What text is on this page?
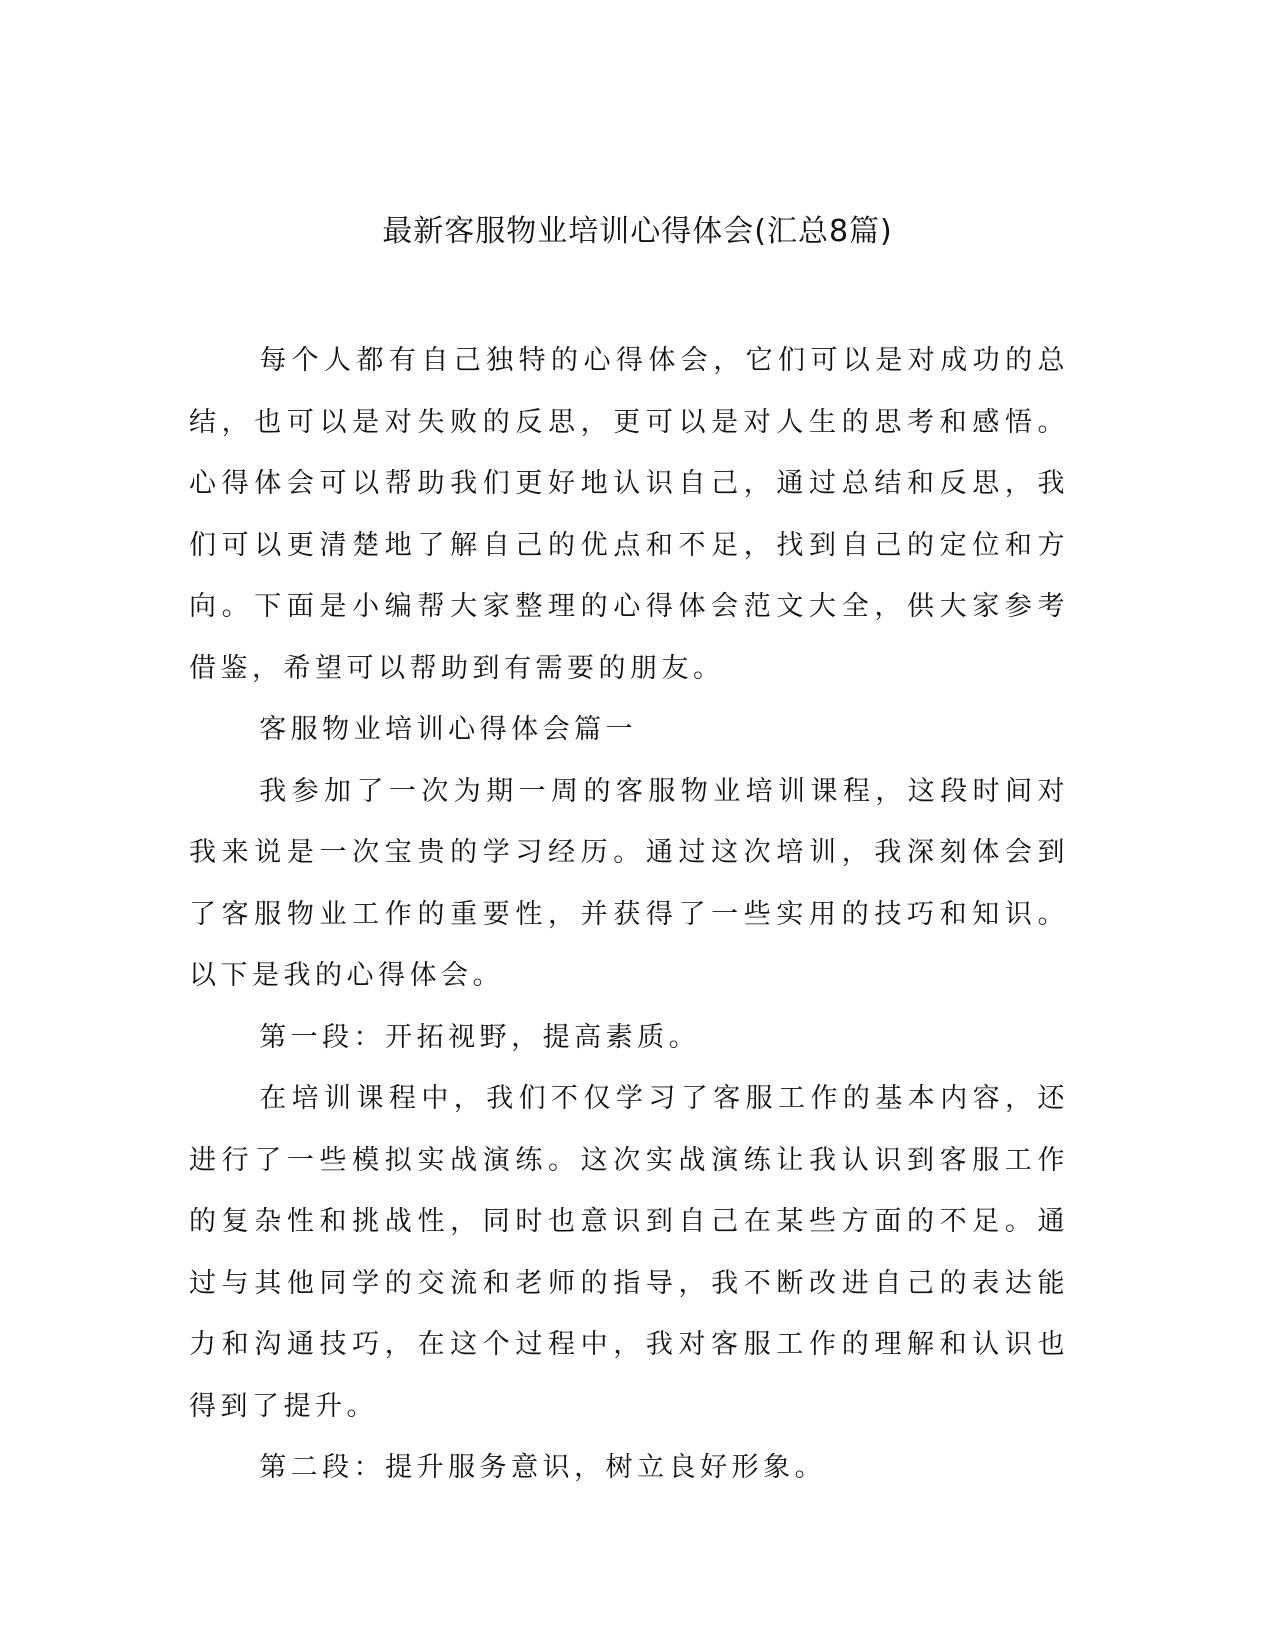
最新客服物业培训心得体会(汇总8篇)

每个人都有自己独特的心得体会，它们可以是对成功的总结，也可以是对失败的反思，更可以是对人生的思考和感悟。心得体会可以帮助我们更好地认识自己，通过总结和反思，我们可以更清楚地了解自己的优点和不足，找到自己的定位和方向。下面是小编帮大家整理的心得体会范文大全，供大家参考借鉴，希望可以帮助到有需要的朋友。

客服物业培训心得体会篇一

我参加了一次为期一周的客服物业培训课程，这段时间对我来说是一次宝贵的学习经历。通过这次培训，我深刻体会到了客服物业工作的重要性，并获得了一些实用的技巧和知识。以下是我的心得体会。

第一段：开拓视野，提高素质。

在培训课程中，我们不仅学习了客服工作的基本内容，还进行了一些模拟实战演练。这次实战演练让我认识到客服工作的复杂性和挑战性，同时也意识到自己在某些方面的不足。通过与其他同学的交流和老师的指导，我不断改进自己的表达能力和沟通技巧，在这个过程中，我对客服工作的理解和认识也得到了提升。

第二段：提升服务意识，树立良好形象。
